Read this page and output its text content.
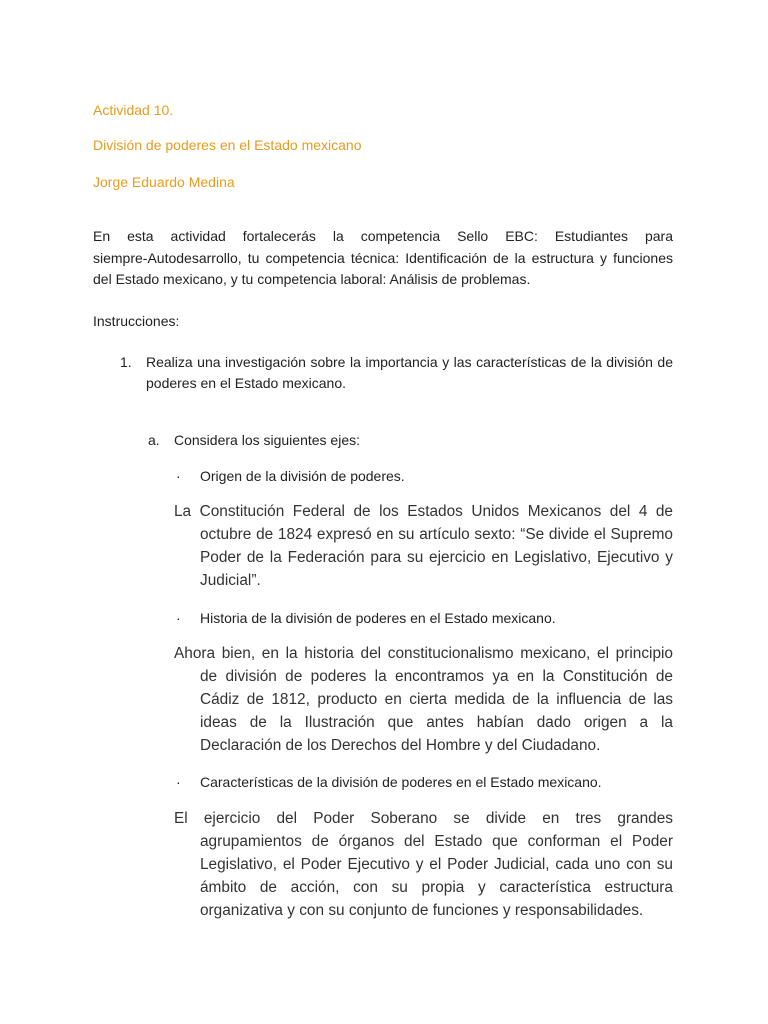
Actividad 10.
División de poderes en el Estado mexicano
Jorge Eduardo Medina
En esta actividad fortalecerás la competencia Sello EBC: Estudiantes para
siempre-Autodesarrollo, tu competencia técnica: Identificación de la estructura y funciones
del Estado mexicano, y tu competencia laboral: Análisis de problemas.
Instrucciones:
1. Realiza una investigación sobre la importancia y las características de la división de
poderes en el Estado mexicano.
a. Considera los siguientes ejes:
· Origen de la división de poderes.
La Constitución Federal de los Estados Unidos Mexicanos del 4 de
octubre de 1824 expresó en su artículo sexto: “Se divide el Supremo
Poder de la Federación para su ejercicio en Legislativo, Ejecutivo y
Judicial”.
· Historia de la división de poderes en el Estado mexicano.
Ahora bien, en la historia del constitucionalismo mexicano, el principio
de división de poderes la encontramos ya en la Constitución de
Cádiz de 1812, producto en cierta medida de la influencia de las
ideas de la Ilustración que antes habían dado origen a la
Declaración de los Derechos del Hombre y del Ciudadano.
· Características de la división de poderes en el Estado mexicano.
El ejercicio del Poder Soberano se divide en tres grandes
agrupamientos de órganos del Estado que conforman el Poder
Legislativo, el Poder Ejecutivo y el Poder Judicial, cada uno con su
ámbito de acción, con su propia y característica estructura
organizativa y con su conjunto de funciones y responsabilidades.
